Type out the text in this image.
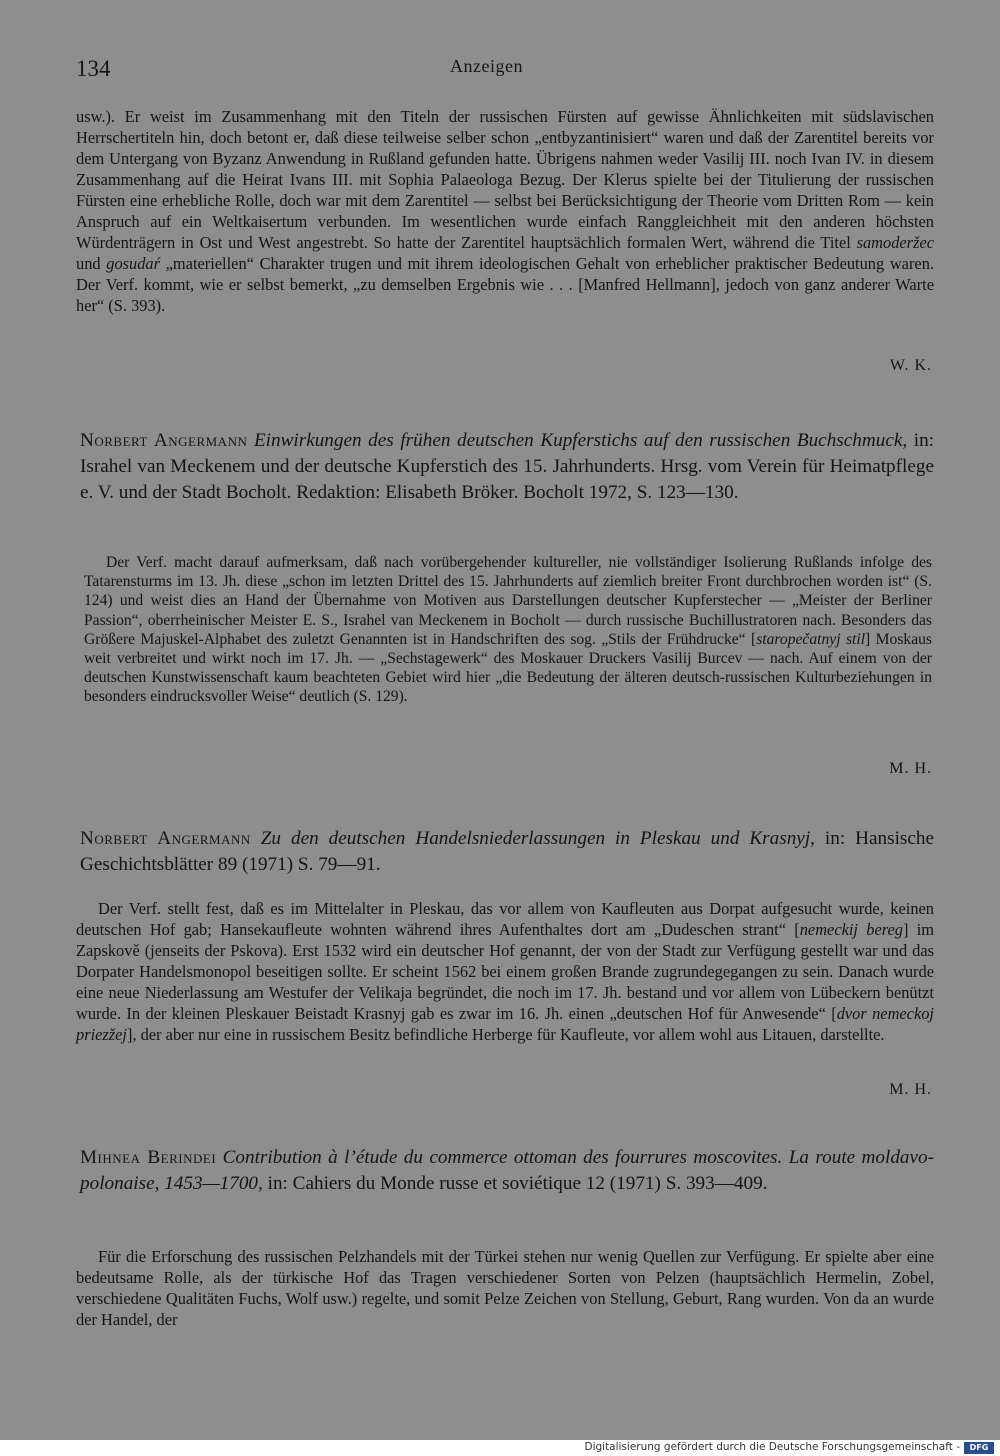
134	Anzeigen
usw.). Er weist im Zusammenhang mit den Titeln der russischen Fürsten auf gewisse Ähnlichkeiten mit südslavischen Herrschertiteln hin, doch betont er, daß diese teilweise selber schon „entbyzantinisiert“ waren und daß der Zarentitel bereits vor dem Untergang von Byzanz Anwendung in Rußland gefunden hatte. Übrigens nahmen weder Vasilij III. noch Ivan IV. in diesem Zusammenhang auf die Heirat Ivans III. mit Sophia Palaeologa Bezug. Der Klerus spielte bei der Titulierung der russischen Fürsten eine erhebliche Rolle, doch war mit dem Zarentitel — selbst bei Berücksichtigung der Theorie vom Dritten Rom — kein Anspruch auf ein Weltkaisertum verbunden. Im wesentlichen wurde einfach Ranggleichheit mit den anderen höchsten Würdenträgern in Ost und West angestrebt. So hatte der Zarentitel hauptsächlich formalen Wert, während die Titel samoderžec und gosudaŕ „materiellen“ Charakter trugen und mit ihrem ideologischen Gehalt von erheblicher praktischer Bedeutung waren. Der Verf. kommt, wie er selbst bemerkt, „zu demselben Ergebnis wie . . . [Manfred Hellmann], jedoch von ganz anderer Warte her“ (S. 393).
W. K.
Norbert Angermann Einwirkungen des frühen deutschen Kupferstichs auf den russischen Buchschmuck, in: Israhel van Meckenem und der deutsche Kupferstich des 15. Jahrhunderts. Hrsg. vom Verein für Heimatpflege e. V. und der Stadt Bocholt. Redaktion: Elisabeth Bröker. Bocholt 1972, S. 123—130.
Der Verf. macht darauf aufmerksam, daß nach vorübergehender kultureller, nie vollständiger Isolierung Rußlands infolge des Tatarensturms im 13. Jh. diese „schon im letzten Drittel des 15. Jahrhunderts auf ziemlich breiter Front durchbrochen worden ist“ (S. 124) und weist dies an Hand der Übernahme von Motiven aus Darstellungen deutscher Kupferstecher — „Meister der Berliner Passion“, oberrheinischer Meister E. S., Israhel van Meckenem in Bocholt — durch russische Buchillustratoren nach. Besonders das Größere Majuskel-Alphabet des zuletzt Genannten ist in Handschriften des sog. „Stils der Frühdrucke“ [staropečatnyj stil] Moskaus weit verbreitet und wirkt noch im 17. Jh. — „Sechstagewerk“ des Moskauer Druckers Vasilij Burcev — nach. Auf einem von der deutschen Kunstwissenschaft kaum beachteten Gebiet wird hier „die Bedeutung der älteren deutsch-russischen Kulturbeziehungen in besonders eindrucksvoller Weise“ deutlich (S. 129).
M. H.
Norbert Angermann Zu den deutschen Handelsniederlassungen in Pleskau und Krasnyj, in: Hansische Geschichtsblätter 89 (1971) S. 79—91.
Der Verf. stellt fest, daß es im Mittelalter in Pleskau, das vor allem von Kaufleuten aus Dorpat aufgesucht wurde, keinen deutschen Hof gab; Hansekaufleute wohnten während ihres Aufenthaltes dort am „Dudeschen strant“ [nemeckij bereg] im Zapskově (jenseits der Pskova). Erst 1532 wird ein deutscher Hof genannt, der von der Stadt zur Verfügung gestellt war und das Dorpater Handelsmonopol beseitigen sollte. Er scheint 1562 bei einem großen Brande zugrundegegangen zu sein. Danach wurde eine neue Niederlassung am Westufer der Velikaja begründet, die noch im 17. Jh. bestand und vor allem von Lübeckern benützt wurde. In der kleinen Pleskauer Beistadt Krasnyj gab es zwar im 16. Jh. einen „deutschen Hof für Anwesende“ [dvor nemeckoj priezžej], der aber nur eine in russischem Besitz befindliche Herberge für Kaufleute, vor allem wohl aus Litauen, darstellte.
M. H.
Mihnea Berindei Contribution à l’étude du commerce ottoman des fourrures moscovites. La route moldavo-polonaise, 1453—1700, in: Cahiers du Monde russe et soviétique 12 (1971) S. 393—409.
Für die Erforschung des russischen Pelzhandels mit der Türkei stehen nur wenig Quellen zur Verfügung. Er spielte aber eine bedeutsame Rolle, als der türkische Hof das Tragen verschiedener Sorten von Pelzen (hauptsächlich Hermelin, Zobel, verschiedene Qualitäten Fuchs, Wolf usw.) regelte, und somit Pelze Zeichen von Stellung, Geburt, Rang wurden. Von da an wurde der Handel, der
Digitalisierung gefördert durch die Deutsche Forschungsgemeinschaft -	DFG
